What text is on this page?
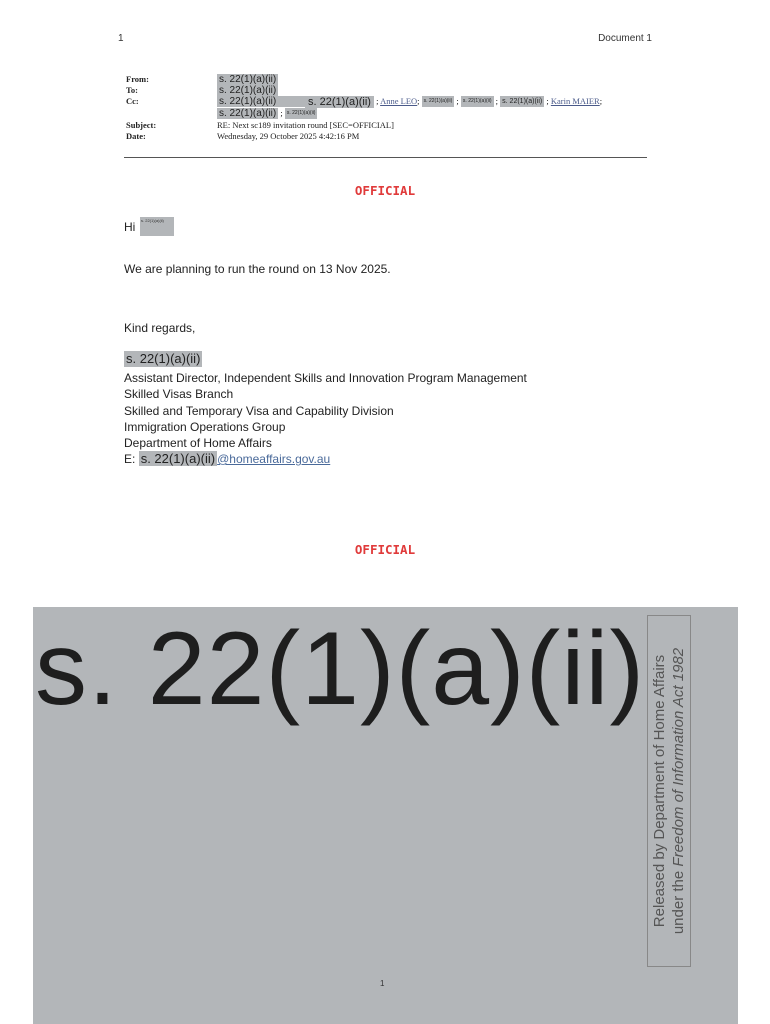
1	Document 1
From:	s. 22(1)(a)(ii)
To:	s. 22(1)(a)(ii)
Cc:	s. 22(1)(a)(ii)	s. 22(1)(a)(ii) ; Anne LEO; s. 22(1)(a)(ii) ; s. 22(1)(a)(ii) ; s. 22(1)(a)(ii) ; Karin MAIER;
s. 22(1)(a)(ii) ; s. 22(1)(a)(ii)
Subject:	RE: Next sc189 invitation round [SEC=OFFICIAL]
Date:	Wednesday, 29 October 2025 4:42:16 PM
OFFICIAL
Hi s. 22(1)(a)(ii)
We are planning to run the round on 13 Nov 2025.
Kind regards,
s. 22(1)(a)(ii)
Assistant Director, Independent Skills and Innovation Program Management
Skilled Visas Branch
Skilled and Temporary Visa and Capability Division
Immigration Operations Group
Department of Home Affairs
E: s. 22(1)(a)(ii) @homeaffairs.gov.au
OFFICIAL
s. 22(1)(a)(ii) Released by Department of Home Affairs under the Freedom of Information Act 1982
1
